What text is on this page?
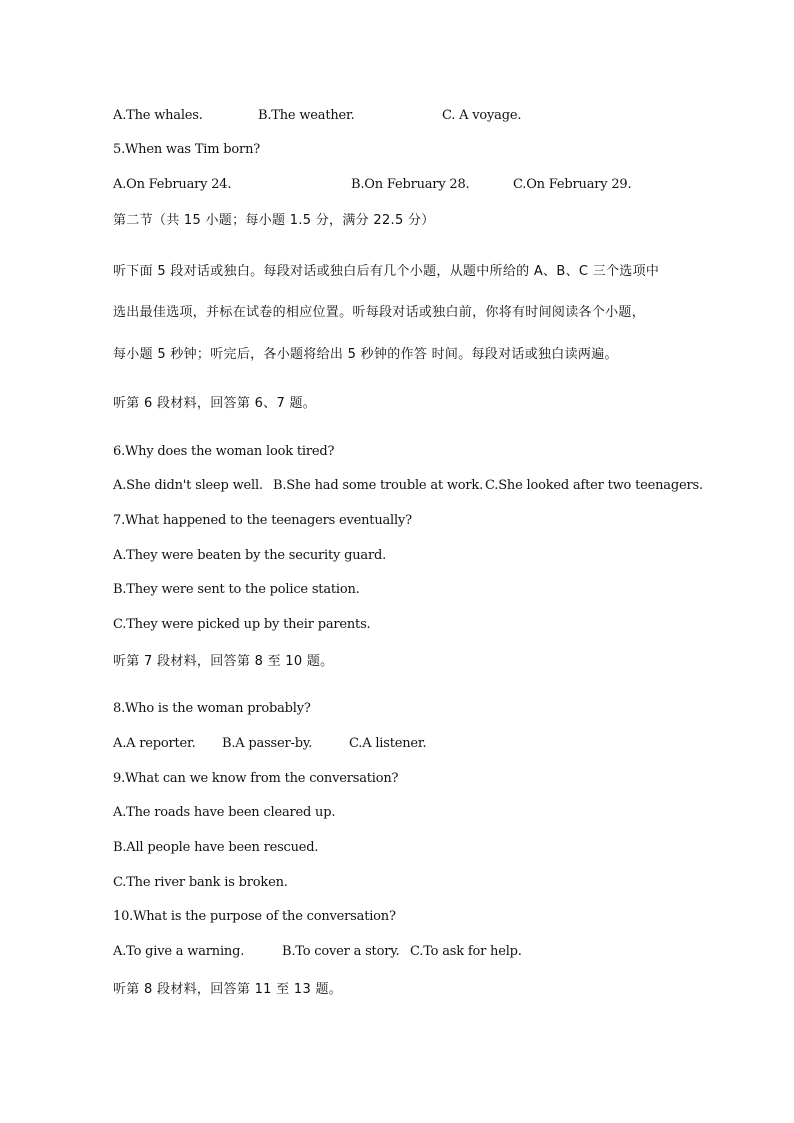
A.The whales.	B.The weather.	C. A voyage.
5.When was Tim born?
A.On February 24.	B.On February 28.	C.On February 29.
第二节（共 15 小题；每小题 1.5 分，满分 22.5 分）
听下面 5 段对话或独白。每段对话或独白后有几个小题，从题中所给的 A、B、C 三个选项中
选出最佳选项，并标在试卷的相应位置。听每段对话或独白前，你将有时间阅读各个小题，
每小题 5 秒钟；听完后，各小题将给出 5 秒钟的作答 时间。每段对话或独白读两遍。
听第 6 段材料，回答第 6、7 题。
6.Why does the woman look tired?
A.She didn't sleep well. B.She had some trouble at work. C.She looked after two teenagers.
7.What happened to the teenagers eventually?
A.They were beaten by the security guard.
B.They were sent to the police station.
C.They were picked up by their parents.
听第 7 段材料，回答第 8 至 10 题。
8.Who is the woman probably?
A.A reporter. B.A passer-by.	C.A listener.
9.What can we know from the conversation?
A.The roads have been cleared up.
B.All people have been rescued.
C.The river bank is broken.
10.What is the purpose of the conversation?
A.To give a warning.	B.To cover a story. C.To ask for help.
听第 8 段材料，回答第 11 至 13 题。
